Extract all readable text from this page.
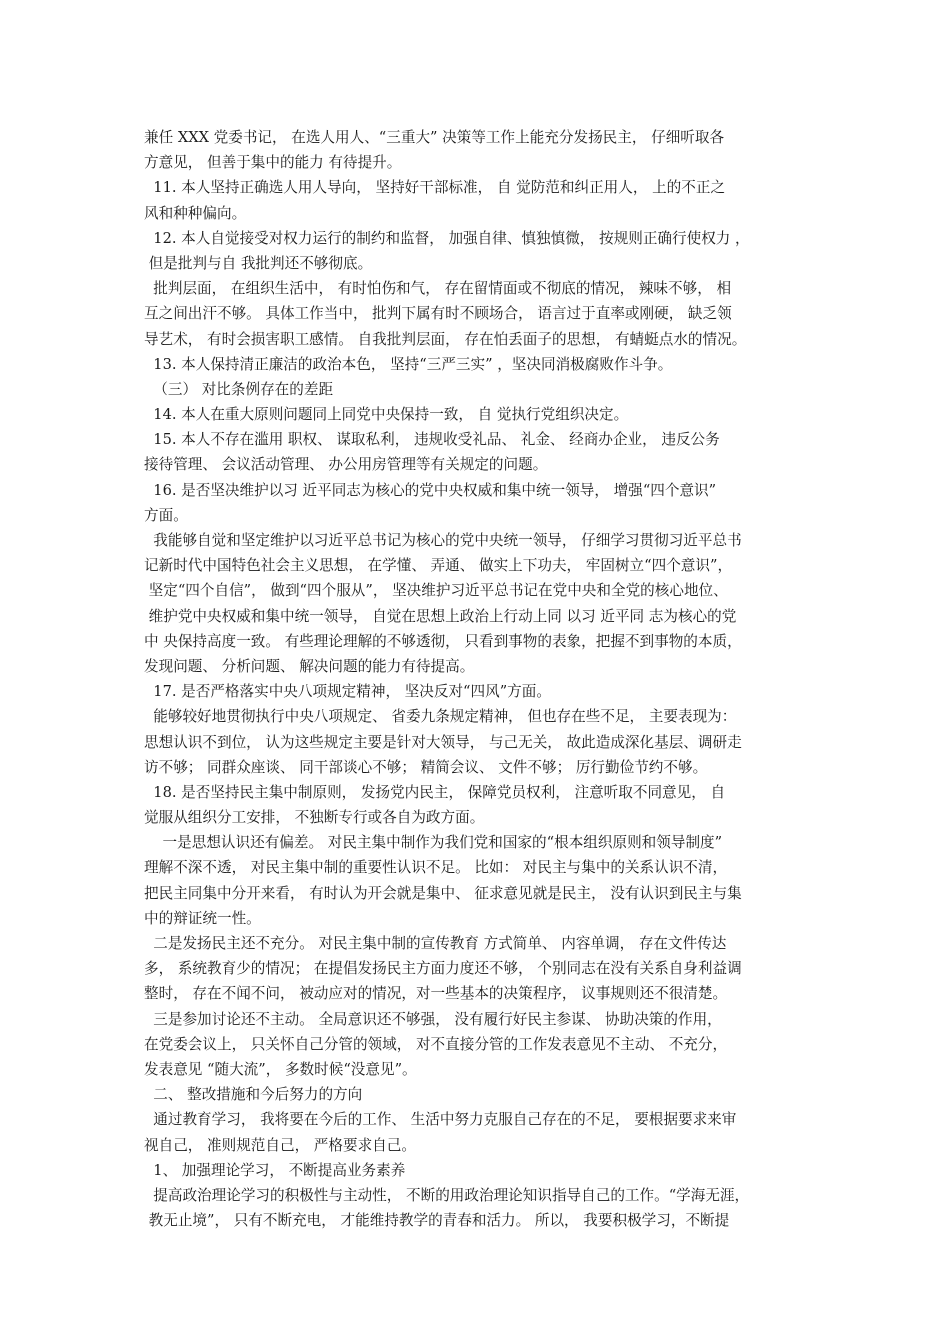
兼任 XXX 党委书记， 在选人用人、“三重大” 决策等工作上能充分发扬民主， 仔细听取各
方意见， 但善于集中的能力 有待提升。
11. 本人坚持正确选人用人导向， 坚持好干部标准， 自 觉防范和纠正用人， 上的不正之
风和种种偏向。
12. 本人自觉接受对权力运行的制约和监督， 加强自律、慎独慎微， 按规则正确行使权力 ，
但是批判与自 我批判还不够彻底。
批判层面， 在组织生活中， 有时怕伤和气， 存在留情面或不彻底的情况， 辣味不够， 相
互之间出汗不够。 具体工作当中， 批判下属有时不顾场合， 语言过于直率或刚硬， 缺乏领
导艺术， 有时会损害职工感情。 自我批判层面， 存在怕丢面子的思想， 有蜻蜓点水的情况。
13. 本人保持清正廉洁的政治本色， 坚持“三严三实” ，坚决同消极腐败作斗争。
（三） 对比条例存在的差距
14. 本人在重大原则问题同上同党中央保持一致， 自 觉执行党组织决定。
15. 本人不存在滥用 职权、 谋取私利， 违规收受礼品、 礼金、 经商办企业， 违反公务
接待管理、 会议活动管理、 办公用房管理等有关规定的问题。
16. 是否坚决维护以习 近平同志为核心的党中央权威和集中统一领导， 增强“四个意识”
方面。
我能够自觉和坚定维护以习近平总书记为核心的党中央统一领导， 仔细学习贯彻习近平总书
记新时代中国特色社会主义思想， 在学懂、 弄通、 做实上下功夫， 牢固树立“四个意识”，
坚定“四个自信”， 做到“四个服从”， 坚决维护习近平总书记在党中央和全党的核心地位、
维护党中央权威和集中统一领导， 自觉在思想上政治上行动上同 以习 近平同 志为核心的党
中 央保持高度一致。 有些理论理解的不够透彻， 只看到事物的表象，把握不到事物的本质，
发现问题、 分析问题、 解决问题的能力有待提高。
17. 是否严格落实中央八项规定精神， 坚决反对“四风”方面。
能够较好地贯彻执行中央八项规定、 省委九条规定精神， 但也存在些不足， 主要表现为：
思想认识不到位， 认为这些规定主要是针对大领导， 与己无关， 故此造成深化基层、调研走
访不够； 同群众座谈、 同干部谈心不够； 精简会议、 文件不够； 厉行勤俭节约不够。
18. 是否坚持民主集中制原则， 发扬党内民主， 保障党员权利， 注意听取不同意见， 自
觉服从组织分工安排， 不独断专行或各自为政方面。
一是思想认识还有偏差。 对民主集中制作为我们党和国家的“根本组织原则和领导制度”
理解不深不透， 对民主集中制的重要性认识不足。 比如： 对民主与集中的关系认识不清，
把民主同集中分开来看， 有时认为开会就是集中、 征求意见就是民主， 没有认识到民主与集
中的辩证统一性。
二是发扬民主还不充分。 对民主集中制的宣传教育 方式简单、 内容单调， 存在文件传达
多， 系统教育少的情况； 在提倡发扬民主方面力度还不够， 个别同志在没有关系自身利益调
整时， 存在不闻不问， 被动应对的情况，对一些基本的决策程序， 议事规则还不很清楚。
三是参加讨论还不主动。 全局意识还不够强， 没有履行好民主参谋、 协助决策的作用，
在党委会议上， 只关怀自己分管的领域， 对不直接分管的工作发表意见不主动、 不充分，
发表意见 “随大流”， 多数时候“没意见”。
二、 整改措施和今后努力的方向
通过教育学习， 我将要在今后的工作、 生活中努力克服自己存在的不足， 要根据要求来审
视自己， 准则规范自己， 严格要求自己。
1、 加强理论学习， 不断提高业务素养
提高政治理论学习的积极性与主动性， 不断的用政治理论知识指导自己的工作。“学海无涯，
教无止境”， 只有不断充电， 才能维持教学的青春和活力。 所以， 我要积极学习，不断提
